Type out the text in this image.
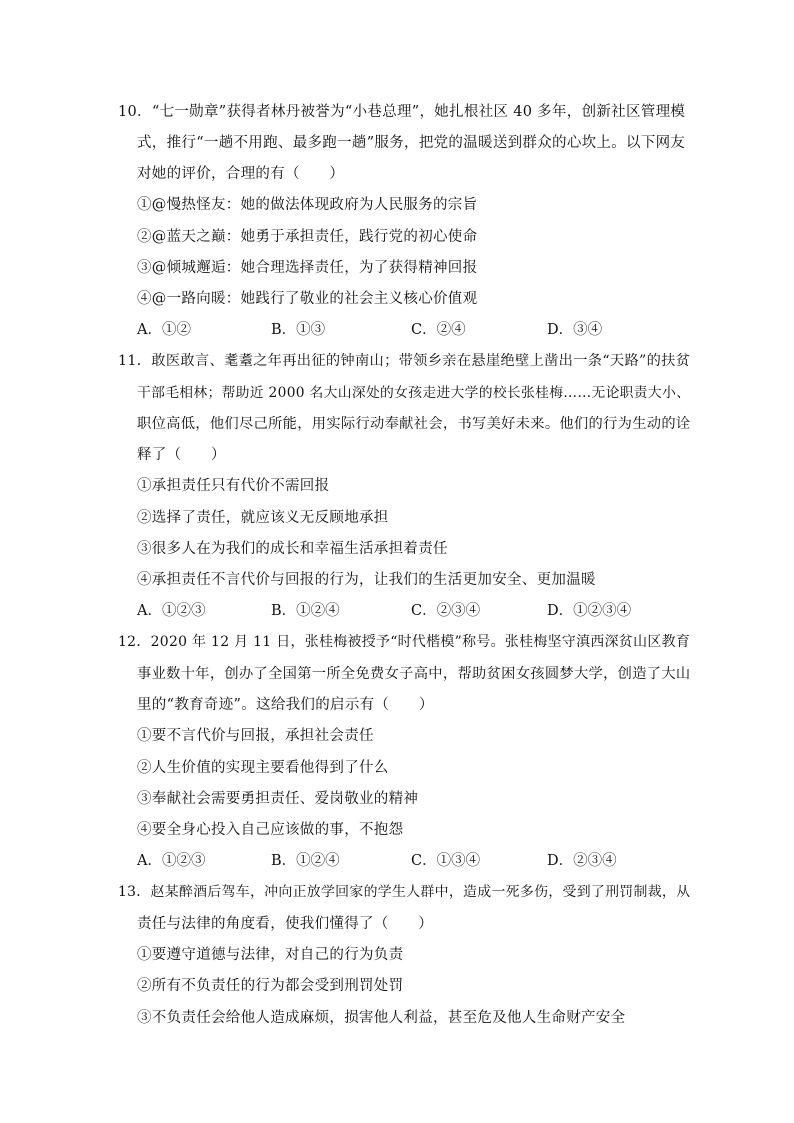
10．“七一勋章”获得者林丹被誉为“小巷总理”，她扎根社区 40 多年，创新社区管理模
式，推行“一趟不用跑、最多跑一趟”服务，把党的温暖送到群众的心坎上。以下网友
对她的评价，合理的有（　　）
①@慢热怪友：她的做法体现政府为人民服务的宗旨
②@蓝天之巅：她勇于承担责任，践行党的初心使命
③@倾城邂逅：她合理选择责任，为了获得精神回报
④@一路向暖：她践行了敬业的社会主义核心价值观
A．①②	B．①③	C．②④	D．③④
11．敢医敢言、耄耋之年再出征的钟南山；带领乡亲在悬崖绝壁上凿出一条“天路”的扶贫
干部毛相林；帮助近 2000 名大山深处的女孩走进大学的校长张桂梅……无论职责大小、
职位高低，他们尽己所能，用实际行动奉献社会，书写美好未来。他们的行为生动的诠
释了（　　）
①承担责任只有代价不需回报
②选择了责任，就应该义无反顾地承担
③很多人在为我们的成长和幸福生活承担着责任
④承担责任不言代价与回报的行为，让我们的生活更加安全、更加温暖
A．①②③	B．①②④	C．②③④	D．①②③④
12．2020 年 12 月 11 日，张桂梅被授予“时代楷模”称号。张桂梅坚守滇西深贫山区教育
事业数十年，创办了全国第一所全免费女子高中，帮助贫困女孩圆梦大学，创造了大山
里的“教育奇迹”。这给我们的启示有（　　）
①要不言代价与回报，承担社会责任
②人生价值的实现主要看他得到了什么
③奉献社会需要勇担责任、爱岗敬业的精神
④要全身心投入自己应该做的事，不抱怨
A．①②③	B．①②④	C．①③④	D．②③④
13．赵某醉酒后驾车，冲向正放学回家的学生人群中，造成一死多伤，受到了刑罚制裁，从
责任与法律的角度看，使我们懂得了（　　）
①要遵守道德与法律，对自己的行为负责
②所有不负责任的行为都会受到刑罚处罚
③不负责任会给他人造成麻烦，损害他人利益，甚至危及他人生命财产安全
